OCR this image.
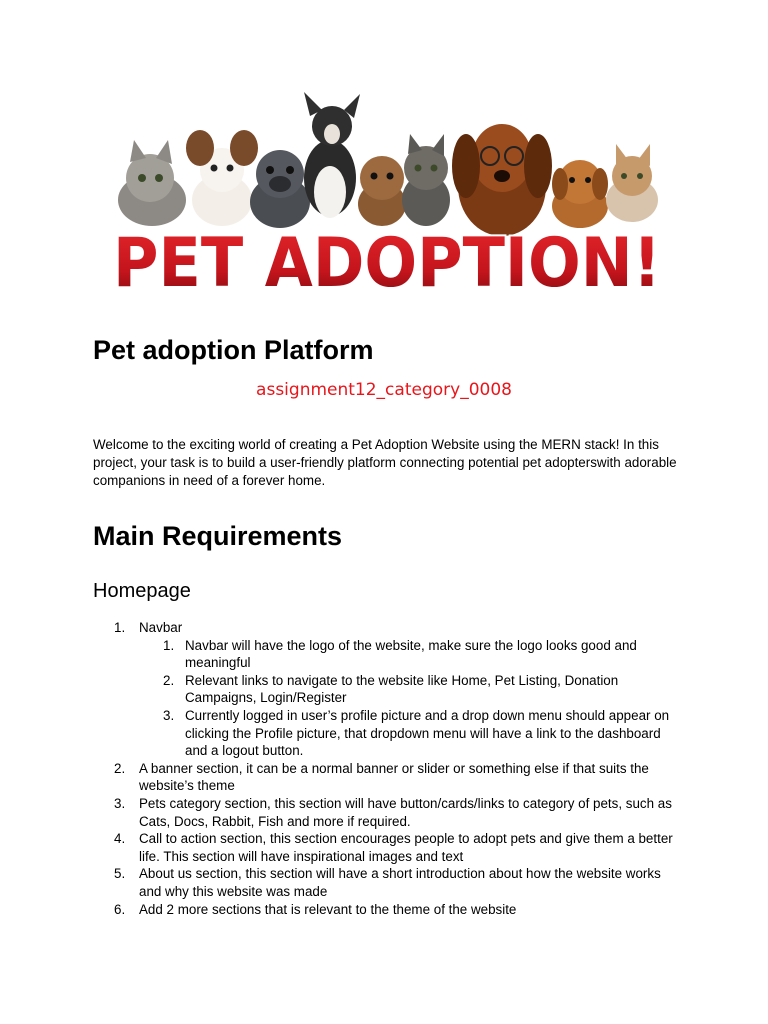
PET ADOPTION!
Pet adoption Platform

assignment12_category_0008

Welcome to the exciting world of creating a Pet Adoption Website using the MERN stack! In this project, your task is to build a user-friendly platform connecting potential pet adopterswith adorable companions in need of a forever home.

Main Requirements
Homepage
1. Navbar
1. Navbar will have the logo of the website, make sure the logo looks good and meaningful
2. Relevant links to navigate to the website like Home, Pet Listing, Donation Campaigns, Login/Register
3. Currently logged in user’s profile picture and a drop down menu should appear on clicking the Profile picture, that dropdown menu will have a link to the dashboard and a logout button.
2. A banner section, it can be a normal banner or slider or something else if that suits the website’s theme
3. Pets category section, this section will have button/cards/links to category of pets, such as Cats, Docs, Rabbit, Fish and more if required.
4. Call to action section, this section encourages people to adopt pets and give them a better life. This section will have inspirational images and text
5. About us section, this section will have a short introduction about how the website works and why this website was made
6. Add 2 more sections that is relevant to the theme of the website
